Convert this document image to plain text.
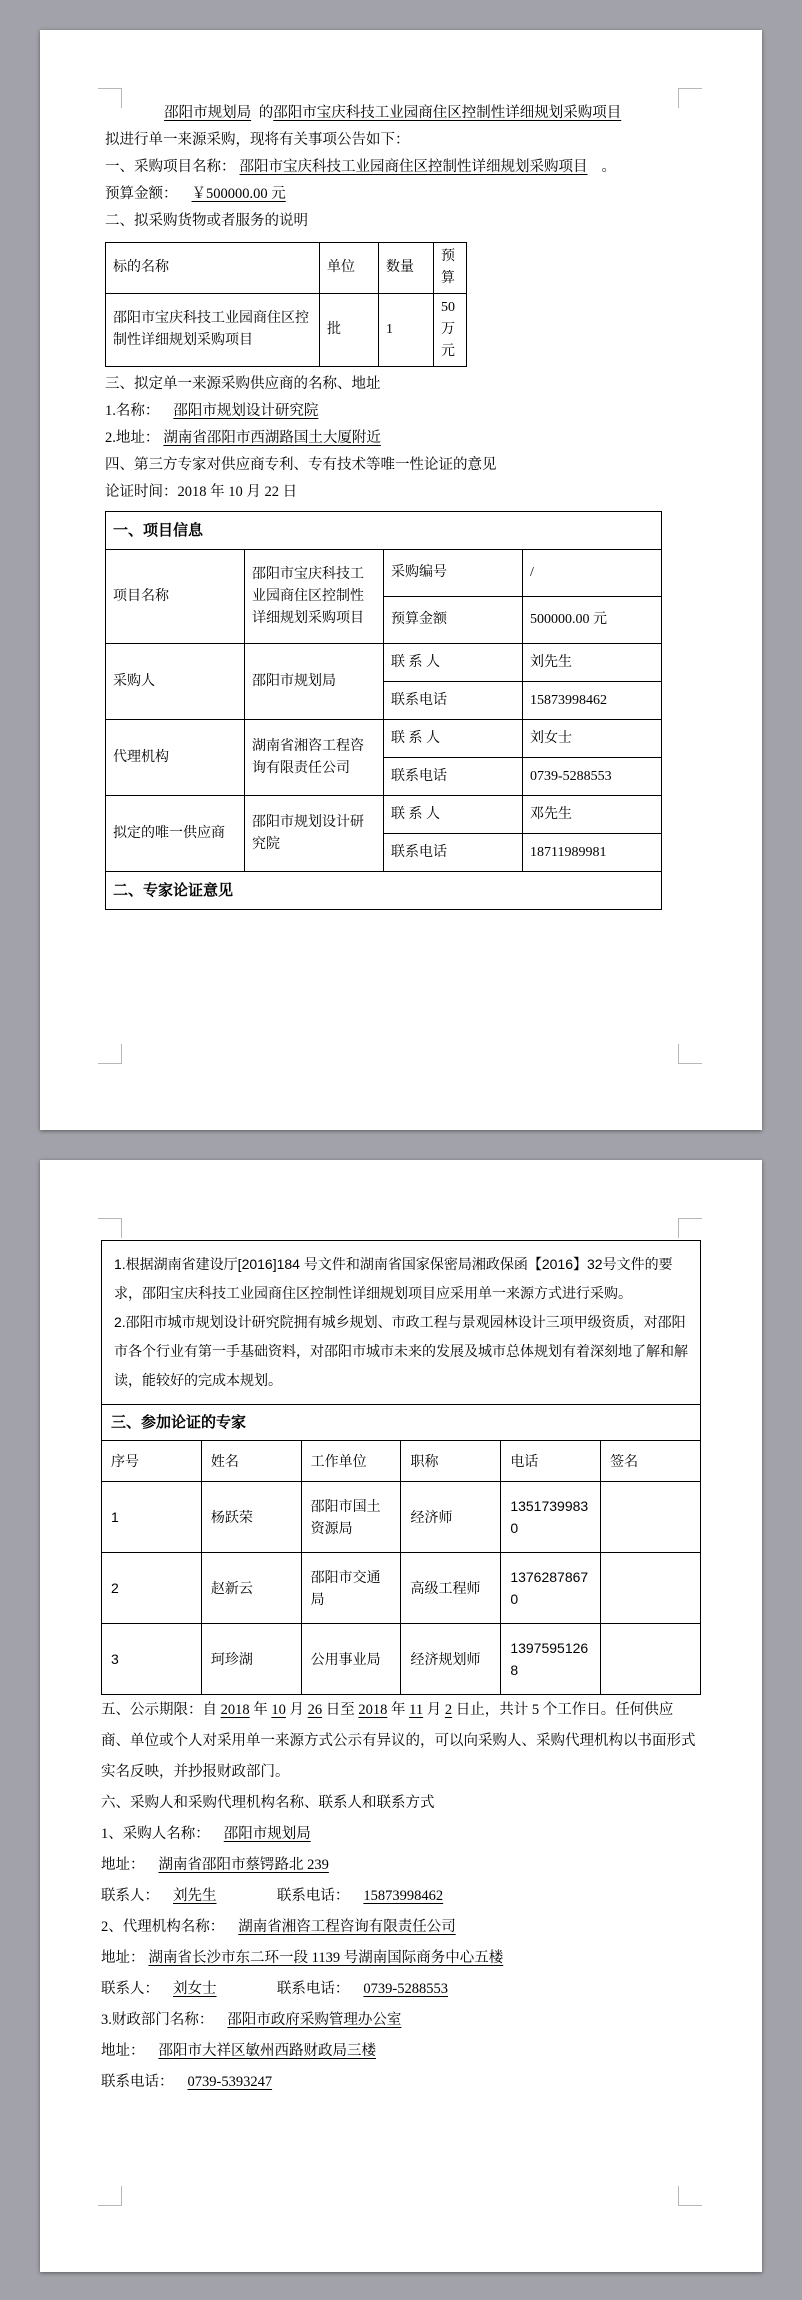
邵阳市规划局 的邵阳市宝庆科技工业园商住区控制性详细规划采购项目

拟进行单一来源采购，现将有关事项公告如下：

一、采购项目名称： 邵阳市宝庆科技工业园商住区控制性详细规划采购项目 。

预算金额： ￥500000.00 元

二、拟采购货物或者服务的说明

标的名称	单位	数量	预算
邵阳市宝庆科技工业园商住区控制性详细规划采购项目	批	1	50 万元

三、拟定单一来源采购供应商的名称、地址

1.名称： 邵阳市规划设计研究院

2.地址： 湖南省邵阳市西湖路国土大厦附近

四、第三方专家对供应商专利、专有技术等唯一性论证的意见

论证时间：2018 年 10 月 22 日

一、项目信息			
项目名称	邵阳市宝庆科技工业园商住区控制性详细规划采购项目	采购编号	/
		预算金额	500000.00 元
采购人	邵阳市规划局	联 系 人	刘先生
		联系电话	15873998462
代理机构	湖南省湘咨工程咨询有限责任公司	联 系 人	刘女士
		联系电话	0739-5288553
拟定的唯一供应商	邵阳市规划设计研究院	联 系 人	邓先生
		联系电话	18711989981
二、专家论证意见			

1.根据湖南省建设厅[2016]184 号文件和湖南省国家保密局湘政保函【2016】32号文件的要求，邵阳宝庆科技工业园商住区控制性详细规划项目应采用单一来源方式进行采购。

2.邵阳市城市规划设计研究院拥有城乡规划、市政工程与景观园林设计三项甲级资质，对邵阳市各个行业有第一手基础资料，对邵阳市城市未来的发展及城市总体规划有着深刻地了解和解读，能较好的完成本规划。

三、参加论证的专家					
序号	姓名	工作单位	职称	电话	签名
1	杨跃荣	邵阳市国土资源局	经济师	13517399830	
2	赵新云	邵阳市交通局	高级工程师	13762878670	
3	珂珍湖	公用事业局	经济规划师	13975951268	

五、公示期限：自 2018 年 10 月 26 日至 2018 年 11 月 2 日止，共计 5 个工作日。任何供应商、单位或个人对采用单一来源方式公示有异议的，可以向采购人、采购代理机构以书面形式实名反映，并抄报财政部门。

六、采购人和采购代理机构名称、联系人和联系方式

1、采购人名称： 邵阳市规划局

地址： 湖南省邵阳市蔡锷路北 239

联系人： 刘先生	联系电话： 15873998462

2、代理机构名称： 湖南省湘咨工程咨询有限责任公司

地址： 湖南省长沙市东二环一段 1139 号湖南国际商务中心五楼

联系人： 刘女士	联系电话： 0739-5288553

3.财政部门名称： 邵阳市政府采购管理办公室

地址： 邵阳市大祥区敏州西路财政局三楼

联系电话： 0739-5393247
